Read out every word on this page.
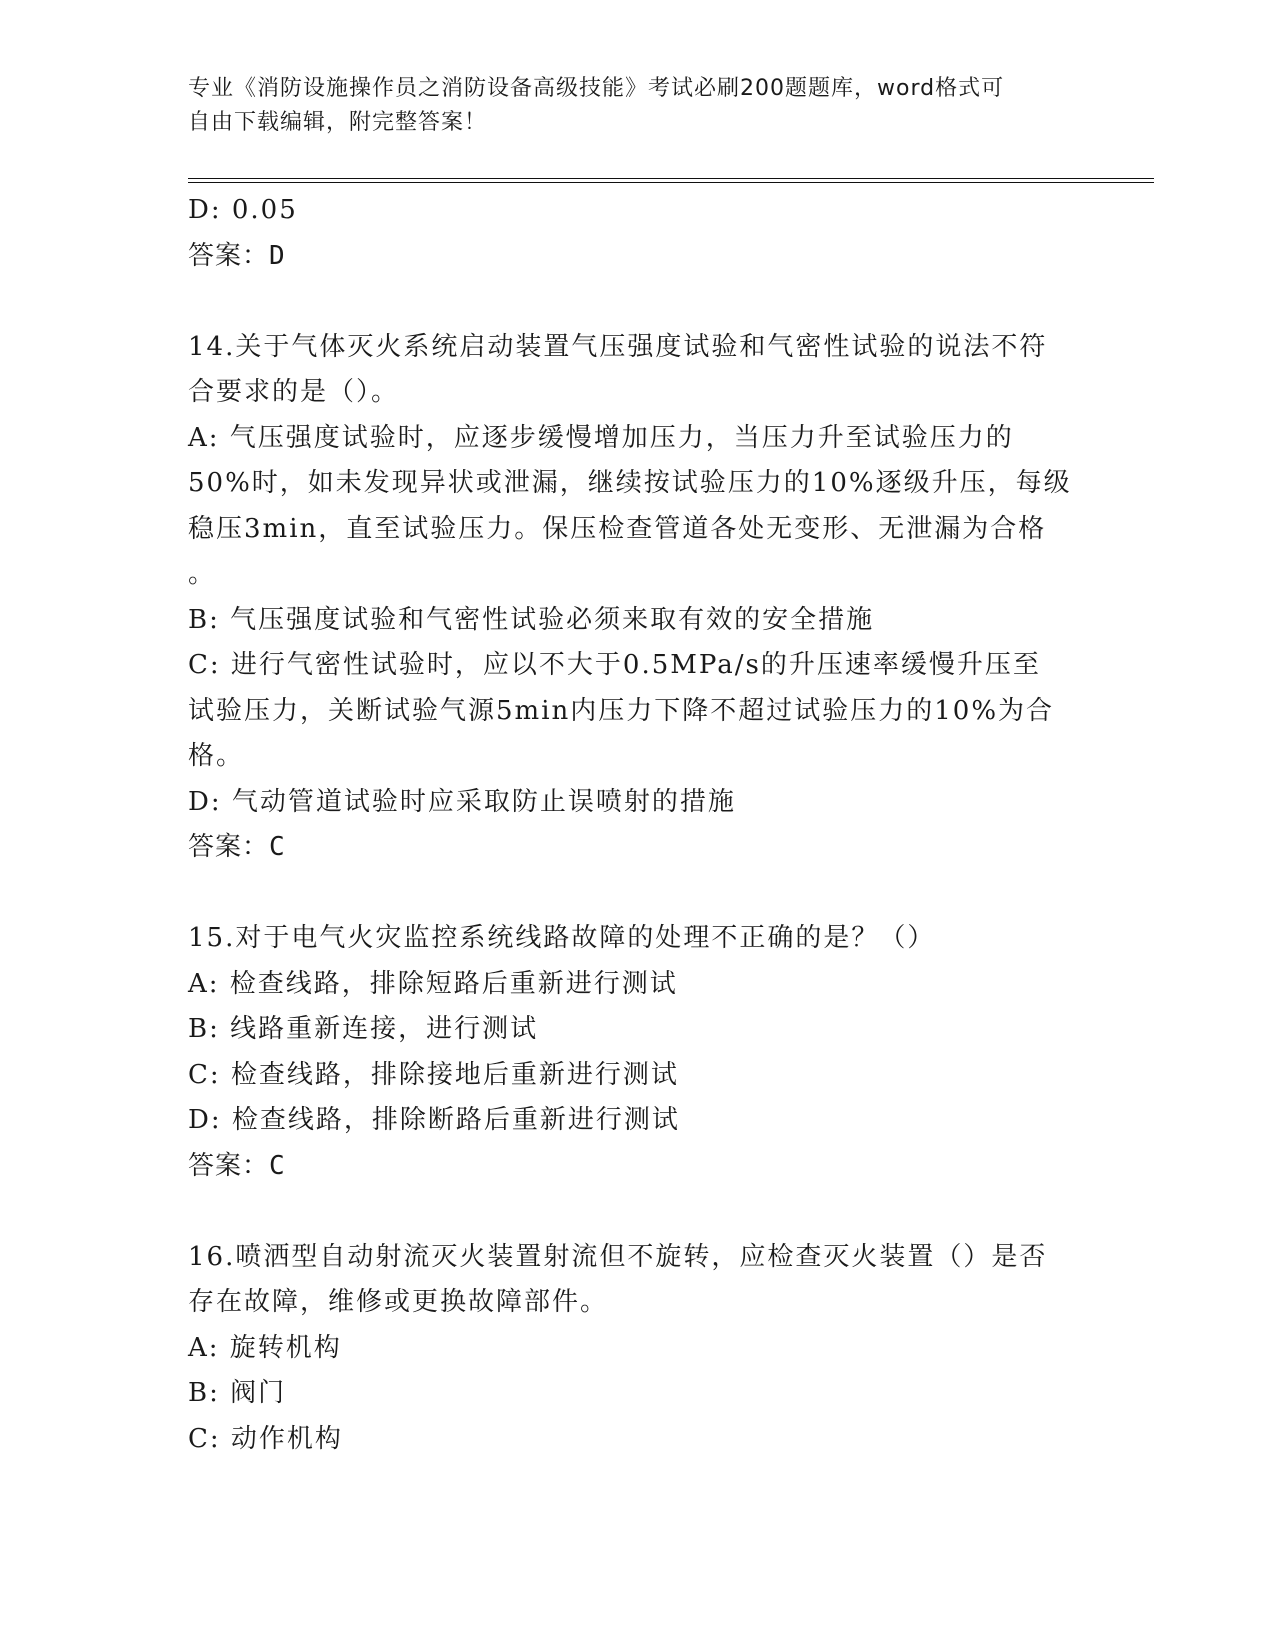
专业《消防设施操作员之消防设备高级技能》考试必刷200题题库，word格式可
自由下载编辑，附完整答案！
D: 0.05
答案：D
14.关于气体灭火系统启动装置气压强度试验和气密性试验的说法不符
合要求的是（）。
A: 气压强度试验时，应逐步缓慢增加压力，当压力升至试验压力的
50%时，如未发现异状或泄漏，继续按试验压力的10%逐级升压，每级
稳压3min，直至试验压力。保压检查管道各处无变形、无泄漏为合格
。
B: 气压强度试验和气密性试验必须来取有效的安全措施
C: 进行气密性试验时，应以不大于0.5MPa/s的升压速率缓慢升压至
试验压力，关断试验气源5min内压力下降不超过试验压力的10%为合
格。
D: 气动管道试验时应采取防止误喷射的措施
答案：C
15.对于电气火灾监控系统线路故障的处理不正确的是？（）
A: 检查线路，排除短路后重新进行测试
B: 线路重新连接，进行测试
C: 检查线路，排除接地后重新进行测试
D: 检查线路，排除断路后重新进行测试
答案：C
16.喷洒型自动射流灭火装置射流但不旋转，应检查灭火装置（）是否
存在故障，维修或更换故障部件。
A: 旋转机构
B: 阀门
C: 动作机构
